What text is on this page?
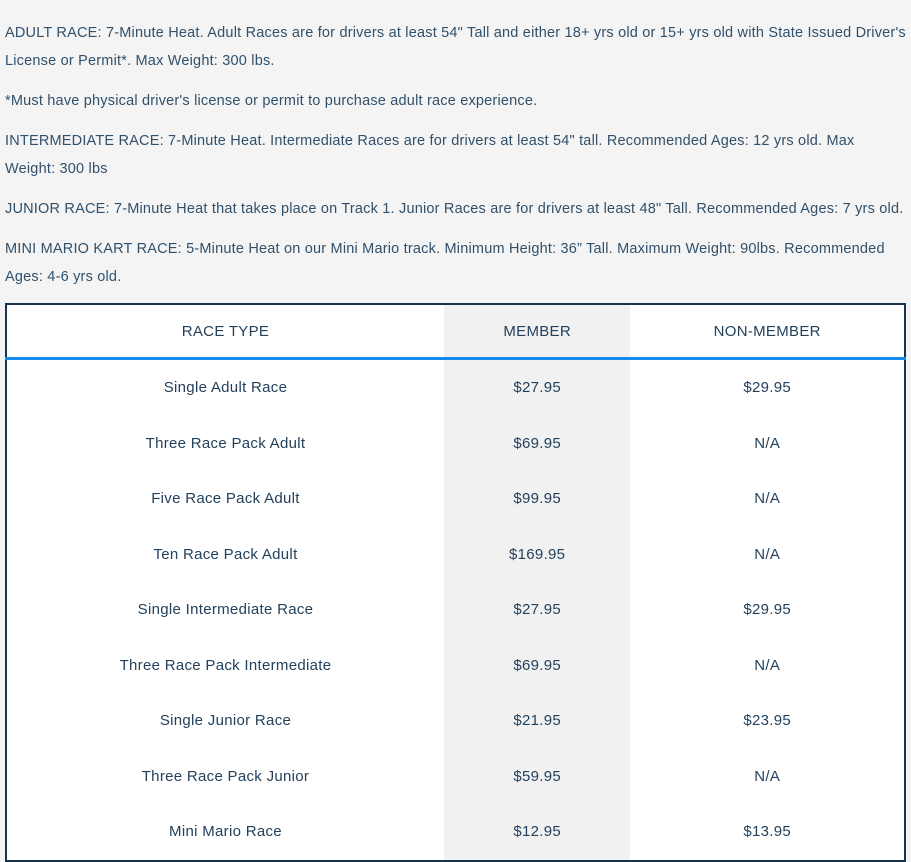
ADULT RACE: 7-Minute Heat. Adult Races are for drivers at least 54" Tall and either 18+ yrs old or 15+ yrs old with State Issued Driver's License or Permit*. Max Weight: 300 lbs.

*Must have physical driver's license or permit to purchase adult race experience.

INTERMEDIATE RACE: 7-Minute Heat. Intermediate Races are for drivers at least 54" tall. Recommended Ages: 12 yrs old. Max Weight: 300 lbs

JUNIOR RACE: 7-Minute Heat that takes place on Track 1. Junior Races are for drivers at least 48" Tall. Recommended Ages: 7 yrs old.

MINI MARIO KART RACE: 5-Minute Heat on our Mini Mario track. Minimum Height: 36” Tall. Maximum Weight: 90lbs. Recommended Ages: 4-6 yrs old.

RACE TYPE	MEMBER	NON-MEMBER
Single Adult Race	$27.95	$29.95
Three Race Pack Adult	$69.95	N/A
Five Race Pack Adult	$99.95	N/A
Ten Race Pack Adult	$169.95	N/A
Single Intermediate Race	$27.95	$29.95
Three Race Pack Intermediate	$69.95	N/A
Single Junior Race	$21.95	$23.95
Three Race Pack Junior	$59.95	N/A
Mini Mario Race	$12.95	$13.95
